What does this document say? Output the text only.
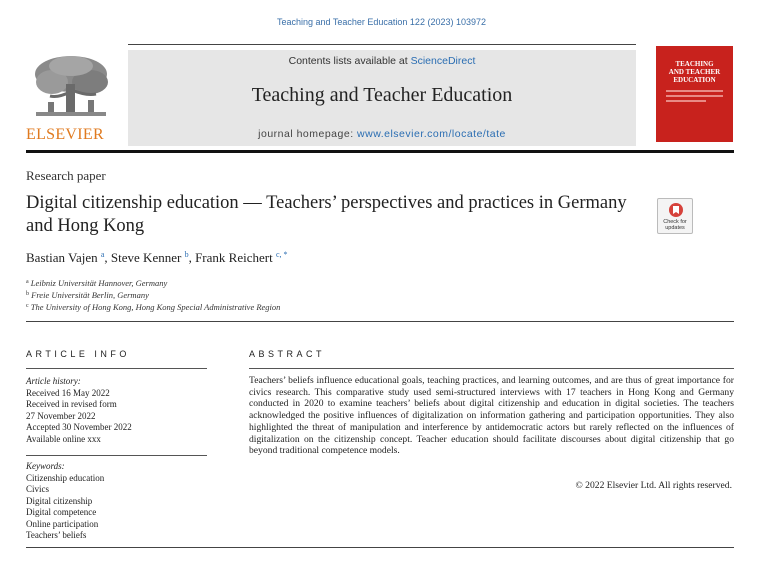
Teaching and Teacher Education 122 (2023) 103972
ELSEVIER
Contents lists available at ScienceDirect
Teaching and Teacher Education
journal homepage: www.elsevier.com/locate/tate
TEACHING
AND TEACHER
EDUCATION
Research paper
Digital citizenship education — Teachers’ perspectives and practices in Germany and Hong Kong	Check for
updates
Bastian Vajen $^a$, Steve Kenner $^b$, Frank Reichert $^{c, *}$
$^a$ Leibniz Universität Hannover, Germany
$^b$ Freie Universität Berlin, Germany
$^c$ The University of Hong Kong, Hong Kong Special Administrative Region
ARTICLE INFO	ABSTRACT
Article history:
Received 16 May 2022
Received in revised form
27 November 2022
Accepted 30 November 2022
Available online xxx
Keywords:
Citizenship education
Civics
Digital citizenship
Digital competence
Online participation
Teachers’ beliefs
Teachers’ beliefs influence educational goals, teaching practices, and learning outcomes, and are thus of great importance for civics research. This comparative study used semi-structured interviews with 17 teachers in Hong Kong and Germany conducted in 2020 to examine teachers’ beliefs about digital citizenship and education in digital societies. The teachers acknowledged the positive influences of digitalization on information gathering and participation opportunities. They also highlighted the threat of manipulation and interference by antidemocratic actors but rarely reflected on the influences of digitalization on the citizenship concept. Teacher education should facilitate discourses about digital citizenship that go beyond traditional competence models.
© 2022 Elsevier Ltd. All rights reserved.
